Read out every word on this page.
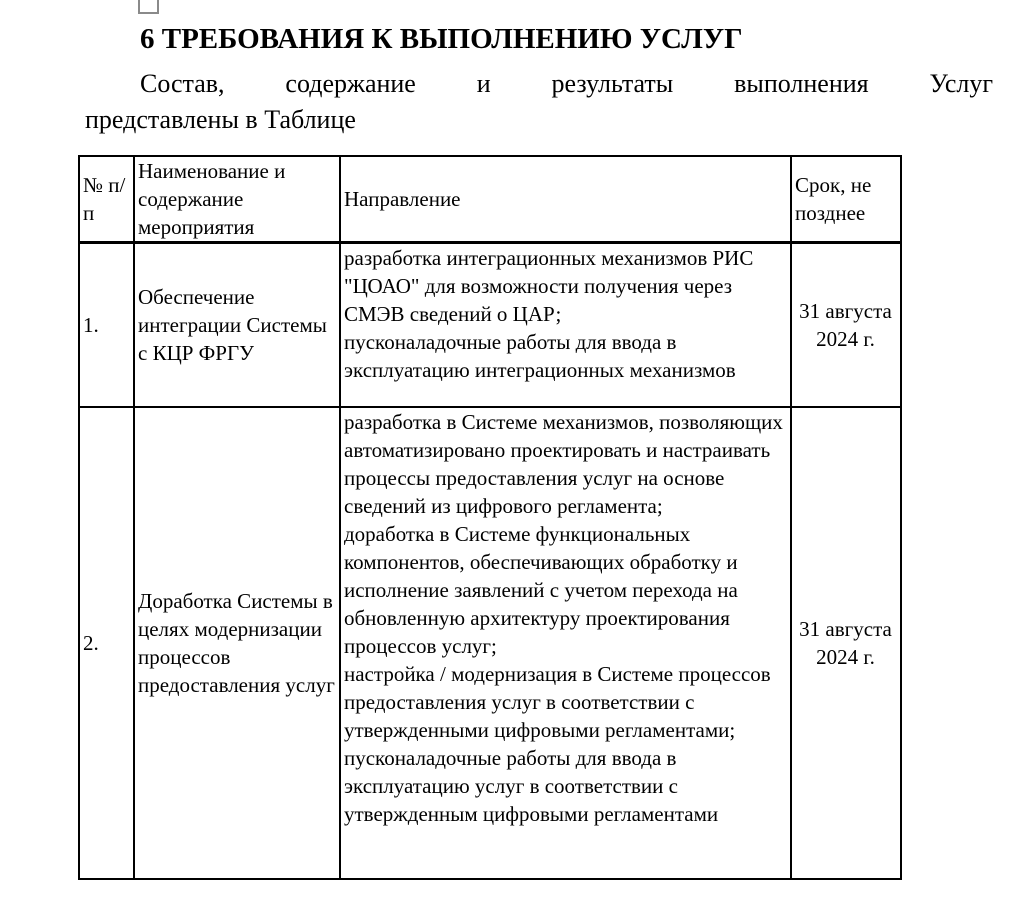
6 ТРЕБОВАНИЯ К ВЫПОЛНЕНИЮ УСЛУГ

Состав, содержание и результаты выполнения Услуг
представлены в Таблице

№ п/п	Наименование и содержание мероприятия	Направление	Срок, не позднее
1.	Обеспечение интеграции Системы с КЦР ФРГУ	разработка интеграционных механизмов РИС "ЦОАО" для возможности получения через СМЭВ сведений о ЦАР;
пусконаладочные работы для ввода в эксплуатацию интеграционных механизмов	31 августа 2024 г.
2.	Доработка Системы в целях модернизации процессов предоставления услуг	разработка в Системе механизмов, позволяющих автоматизировано проектировать и настраивать процессы предоставления услуг на основе сведений из цифрового регламента;
доработка в Системе функциональных компонентов, обеспечивающих обработку и исполнение заявлений с учетом перехода на обновленную архитектуру проектирования процессов услуг;
настройка / модернизация в Системе процессов предоставления услуг в соответствии с утвержденными цифровыми регламентами;
пусконаладочные работы для ввода в эксплуатацию услуг в соответствии с утвержденным цифровыми регламентами	31 августа 2024 г.
